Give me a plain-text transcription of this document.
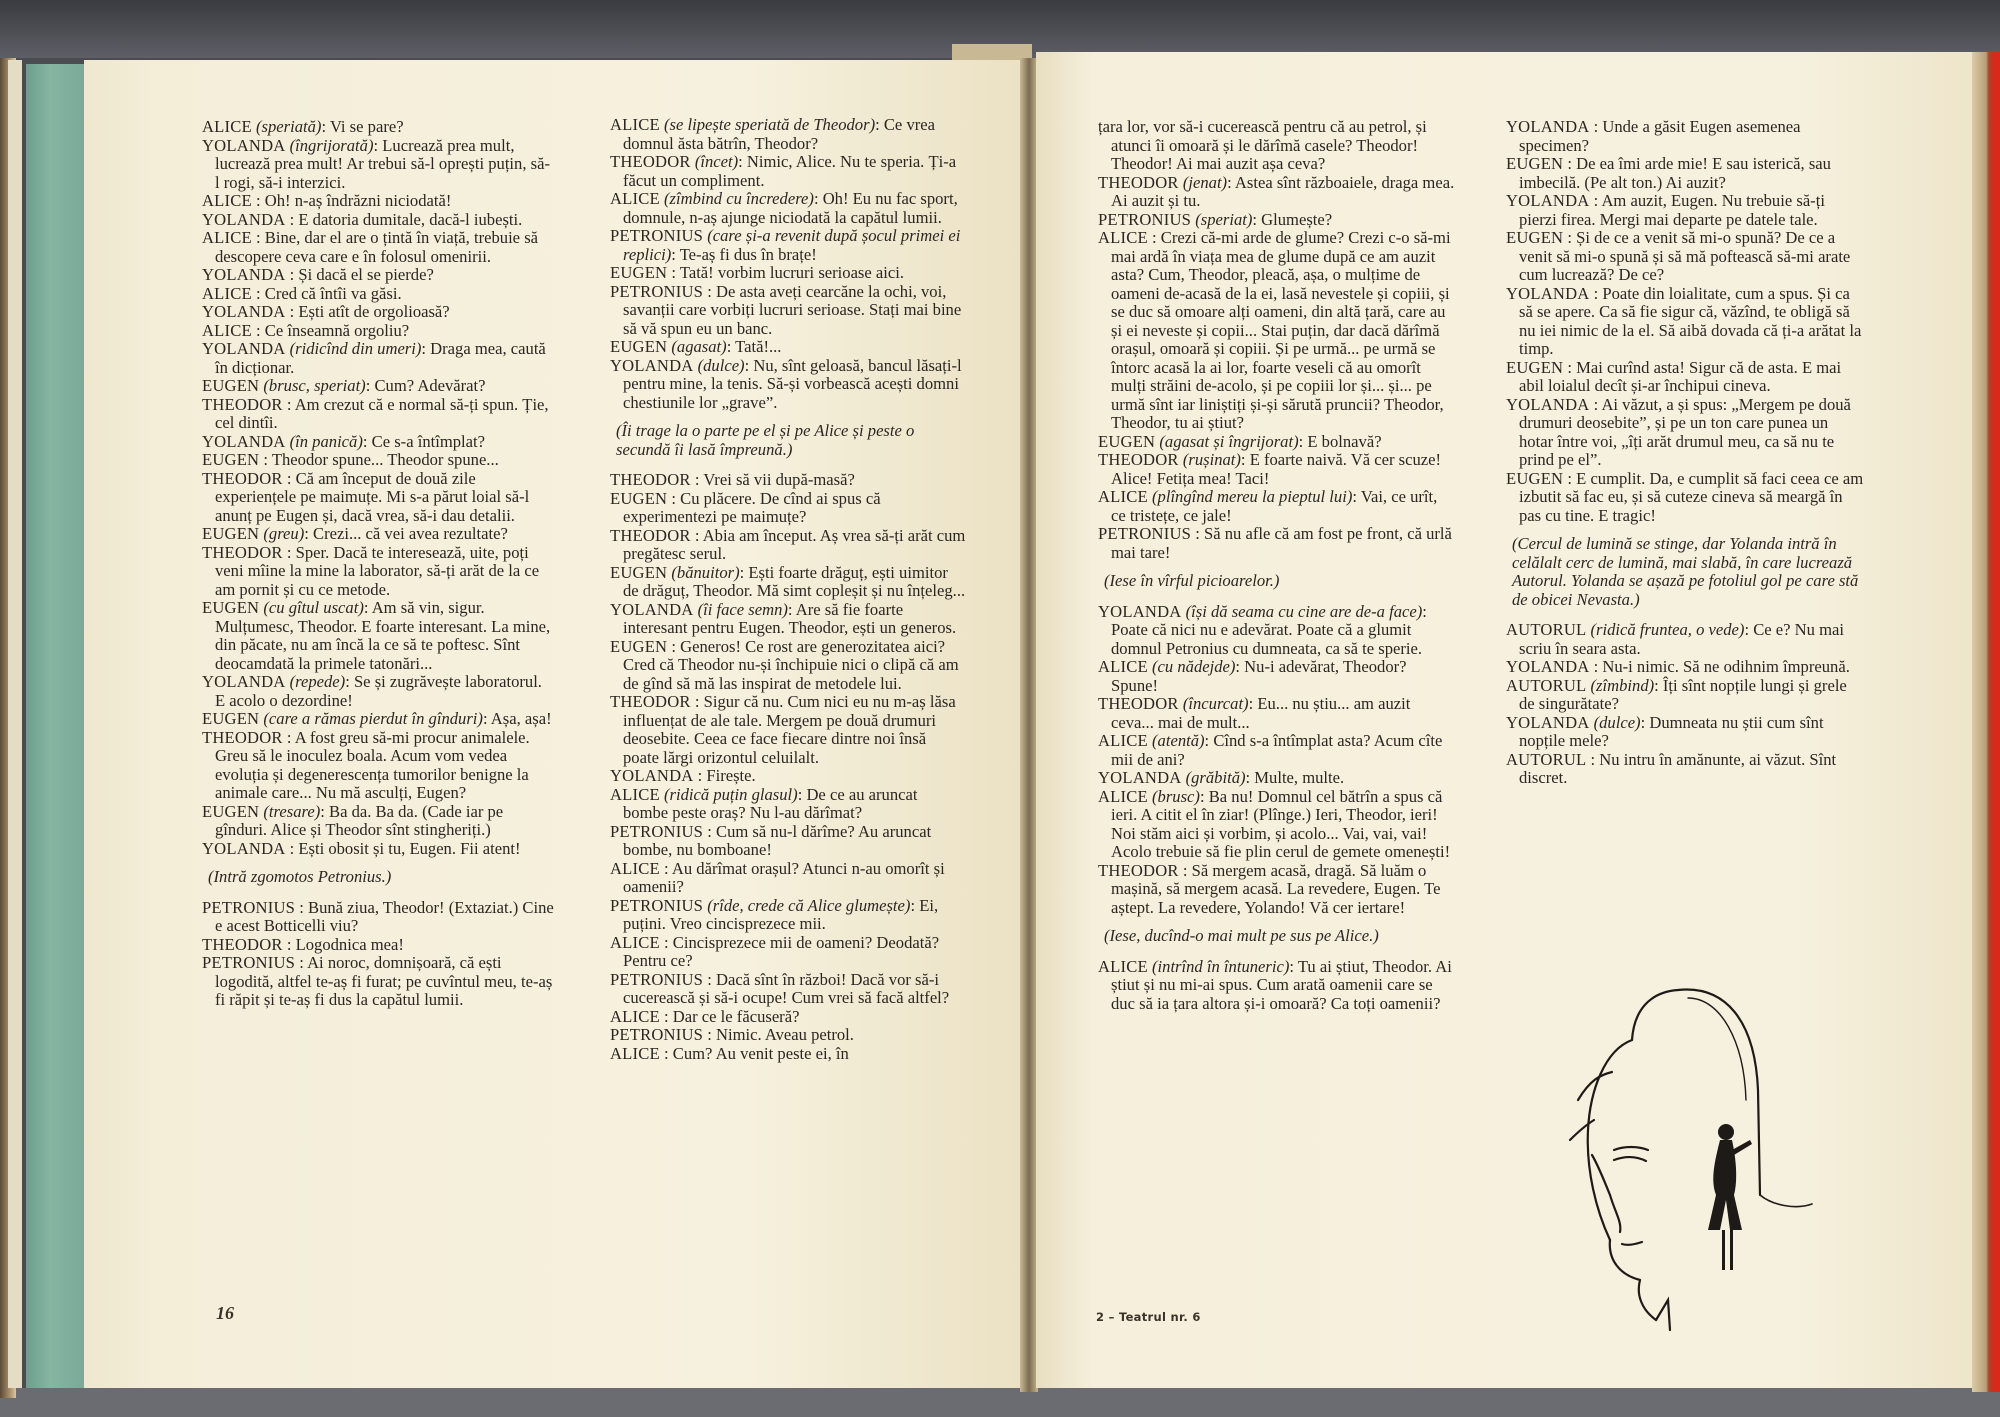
ALICE (speriată): Vi se pare?

YOLANDA (îngrijorată): Lucrează prea mult, lucrează prea mult! Ar trebui să-l oprești puțin, să-l rogi, să-i interzici.

ALICE : Oh! n-aș îndrăzni niciodată!

YOLANDA : E datoria dumitale, dacă-l iubești.

ALICE : Bine, dar el are o țintă în viață, trebuie să descopere ceva care e în folosul omenirii.

YOLANDA : Și dacă el se pierde?

ALICE : Cred că întîi va găsi.

YOLANDA : Ești atît de orgolioasă?

ALICE : Ce înseamnă orgoliu?

YOLANDA (ridicînd din umeri): Draga mea, caută în dicționar.

EUGEN (brusc, speriat): Cum? Adevărat?

THEODOR : Am crezut că e normal să-ți spun. Ție, cel dintîi.

YOLANDA (în panică): Ce s-a întîmplat?

EUGEN : Theodor spune... Theodor spune...

THEODOR : Că am început de două zile experiențele pe maimuțe. Mi s-a părut loial să-l anunț pe Eugen și, dacă vrea, să-i dau detalii.

EUGEN (greu): Crezi... că vei avea rezultate?

THEODOR : Sper. Dacă te interesează, uite, poți veni mîine la mine la laborator, să-ți arăt de la ce am pornit și cu ce metode.

EUGEN (cu gîtul uscat): Am să vin, sigur. Mulțumesc, Theodor. E foarte interesant. La mine, din păcate, nu am încă la ce să te poftesc. Sînt deocamdată la primele tatonări...

YOLANDA (repede): Se și zugrăvește laboratorul. E acolo o dezordine!

EUGEN (care a rămas pierdut în gînduri): Așa, așa!

THEODOR : A fost greu să-mi procur animalele. Greu să le inoculez boala. Acum vom vedea evoluția și degenerescența tumorilor benigne la animale care... Nu mă asculți, Eugen?

EUGEN (tresare): Ba da. Ba da. (Cade iar pe gînduri. Alice și Theodor sînt stingheriți.)

YOLANDA : Ești obosit și tu, Eugen. Fii atent!

(Intră zgomotos Petronius.)

PETRONIUS : Bună ziua, Theodor! (Extaziat.) Cine e acest Botticelli viu?

THEODOR : Logodnica mea!

PETRONIUS : Ai noroc, domnișoară, că ești logodită, altfel te-aș fi furat; pe cuvîntul meu, te-aș fi răpit și te-aș fi dus la capătul lumii.

ALICE (se lipește speriată de Theodor): Ce vrea domnul ăsta bătrîn, Theodor?

THEODOR (încet): Nimic, Alice. Nu te speria. Ți-a făcut un compliment.

ALICE (zîmbind cu încredere): Oh! Eu nu fac sport, domnule, n-aș ajunge niciodată la capătul lumii.

PETRONIUS (care și-a revenit după șocul primei ei replici): Te-aș fi dus în brațe!

EUGEN : Tată! vorbim lucruri serioase aici.

PETRONIUS : De asta aveți cearcăne la ochi, voi, savanții care vorbiți lucruri serioase. Stați mai bine să vă spun eu un banc.

EUGEN (agasat): Tată!...

YOLANDA (dulce): Nu, sînt geloasă, bancul lăsați-l pentru mine, la tenis. Să-și vorbească acești domni chestiunile lor „grave”.

(Îi trage la o parte pe el și pe Alice și peste o secundă îi lasă împreună.)

THEODOR : Vrei să vii după-masă?

EUGEN : Cu plăcere. De cînd ai spus că experimentezi pe maimuțe?

THEODOR : Abia am început. Aș vrea să-ți arăt cum pregătesc serul.

EUGEN (bănuitor): Ești foarte drăguț, ești uimitor de drăguț, Theodor. Mă simt copleșit și nu înțeleg...

YOLANDA (îi face semn): Are să fie foarte interesant pentru Eugen. Theodor, ești un generos.

EUGEN : Generos! Ce rost are generozitatea aici? Cred că Theodor nu-și închipuie nici o clipă că am de gînd să mă las inspirat de metodele lui.

THEODOR : Sigur că nu. Cum nici eu nu m-aș lăsa influențat de ale tale. Mergem pe două drumuri deosebite. Ceea ce face fiecare dintre noi însă poate lărgi orizontul celuilalt.

YOLANDA : Firește.

ALICE (ridică puțin glasul): De ce au aruncat bombe peste oraș? Nu l-au dărîmat?

PETRONIUS : Cum să nu-l dărîme? Au aruncat bombe, nu bomboane!

ALICE : Au dărîmat orașul? Atunci n-au omorît și oamenii?

PETRONIUS (rîde, crede că Alice glumește): Ei, puțini. Vreo cincisprezece mii.

ALICE : Cincisprezece mii de oameni? Deodată? Pentru ce?

PETRONIUS : Dacă sînt în război! Dacă vor să-i cucerească și să-i ocupe! Cum vrei să facă altfel?

ALICE : Dar ce le făcuseră?

PETRONIUS : Nimic. Aveau petrol.

ALICE : Cum? Au venit peste ei, în

țara lor, vor să-i cucerească pentru că au petrol, și atunci îi omoară și le dărîmă casele? Theodor! Theodor! Ai mai auzit așa ceva?

THEODOR (jenat): Astea sînt războaiele, draga mea. Ai auzit și tu.

PETRONIUS (speriat): Glumește?

ALICE : Crezi că-mi arde de glume? Crezi c-o să-mi mai ardă în viața mea de glume după ce am auzit asta? Cum, Theodor, pleacă, așa, o mulțime de oameni de-acasă de la ei, lasă nevestele și copiii, și se duc să omoare alți oameni, din altă țară, care au și ei neveste și copii... Stai puțin, dar dacă dărîmă orașul, omoară și copiii. Și pe urmă... pe urmă se întorc acasă la ai lor, foarte veseli că au omorît mulți străini de-acolo, și pe copiii lor și... și... pe urmă sînt iar liniștiți și-și sărută pruncii? Theodor, Theodor, tu ai știut?

EUGEN (agasat și îngrijorat): E bolnavă?

THEODOR (rușinat): E foarte naivă. Vă cer scuze! Alice! Fetița mea! Taci!

ALICE (plîngînd mereu la pieptul lui): Vai, ce urît, ce tristețe, ce jale!

PETRONIUS : Să nu afle că am fost pe front, că urlă mai tare!

(Iese în vîrful picioarelor.)

YOLANDA (își dă seama cu cine are de-a face): Poate că nici nu e adevărat. Poate că a glumit domnul Petronius cu dumneata, ca să te sperie.

ALICE (cu nădejde): Nu-i adevărat, Theodor? Spune!

THEODOR (încurcat): Eu... nu știu... am auzit ceva... mai de mult...

ALICE (atentă): Cînd s-a întîmplat asta? Acum cîte mii de ani?

YOLANDA (grăbită): Multe, multe.

ALICE (brusc): Ba nu! Domnul cel bătrîn a spus că ieri. A citit el în ziar! (Plînge.) Ieri, Theodor, ieri! Noi stăm aici și vorbim, și acolo... Vai, vai, vai! Acolo trebuie să fie plin cerul de gemete omenești!

THEODOR : Să mergem acasă, dragă. Să luăm o mașină, să mergem acasă. La revedere, Eugen. Te aștept. La revedere, Yolando! Vă cer iertare!

(Iese, ducînd-o mai mult pe sus pe Alice.)

ALICE (intrînd în întuneric): Tu ai știut, Theodor. Ai știut și nu mi-ai spus. Cum arată oamenii care se duc să ia țara altora și-i omoară? Ca toți oamenii?

YOLANDA : Unde a găsit Eugen asemenea specimen?

EUGEN : De ea îmi arde mie! E sau isterică, sau imbecilă. (Pe alt ton.) Ai auzit?

YOLANDA : Am auzit, Eugen. Nu trebuie să-ți pierzi firea. Mergi mai departe pe datele tale.

EUGEN : Și de ce a venit să mi-o spună? De ce a venit să mi-o spună și să mă poftească să-mi arate cum lucrează? De ce?

YOLANDA : Poate din loialitate, cum a spus. Și ca să se apere. Ca să fie sigur că, văzînd, te obligă să nu iei nimic de la el. Să aibă dovada că ți-a arătat la timp.

EUGEN : Mai curînd asta! Sigur că de asta. E mai abil loialul decît și-ar închipui cineva.

YOLANDA : Ai văzut, a și spus: „Mergem pe două drumuri deosebite”, și pe un ton care punea un hotar între voi, „îți arăt drumul meu, ca să nu te prind pe el”.

EUGEN : E cumplit. Da, e cumplit să faci ceea ce am izbutit să fac eu, și să cuteze cineva să meargă în pas cu tine. E tragic!

(Cercul de lumină se stinge, dar Yolanda intră în celălalt cerc de lumină, mai slabă, în care lucrează Autorul. Yolanda se așază pe fotoliul gol pe care stă de obicei Nevasta.)

AUTORUL (ridică fruntea, o vede): Ce e? Nu mai scriu în seara asta.

YOLANDA : Nu-i nimic. Să ne odihnim împreună.

AUTORUL (zîmbind): Îți sînt nopțile lungi și grele de singurătate?

YOLANDA (dulce): Dumneata nu știi cum sînt nopțile mele?

AUTORUL : Nu intru în amănunte, ai văzut. Sînt discret.

16	2 – Teatrul nr. 6
